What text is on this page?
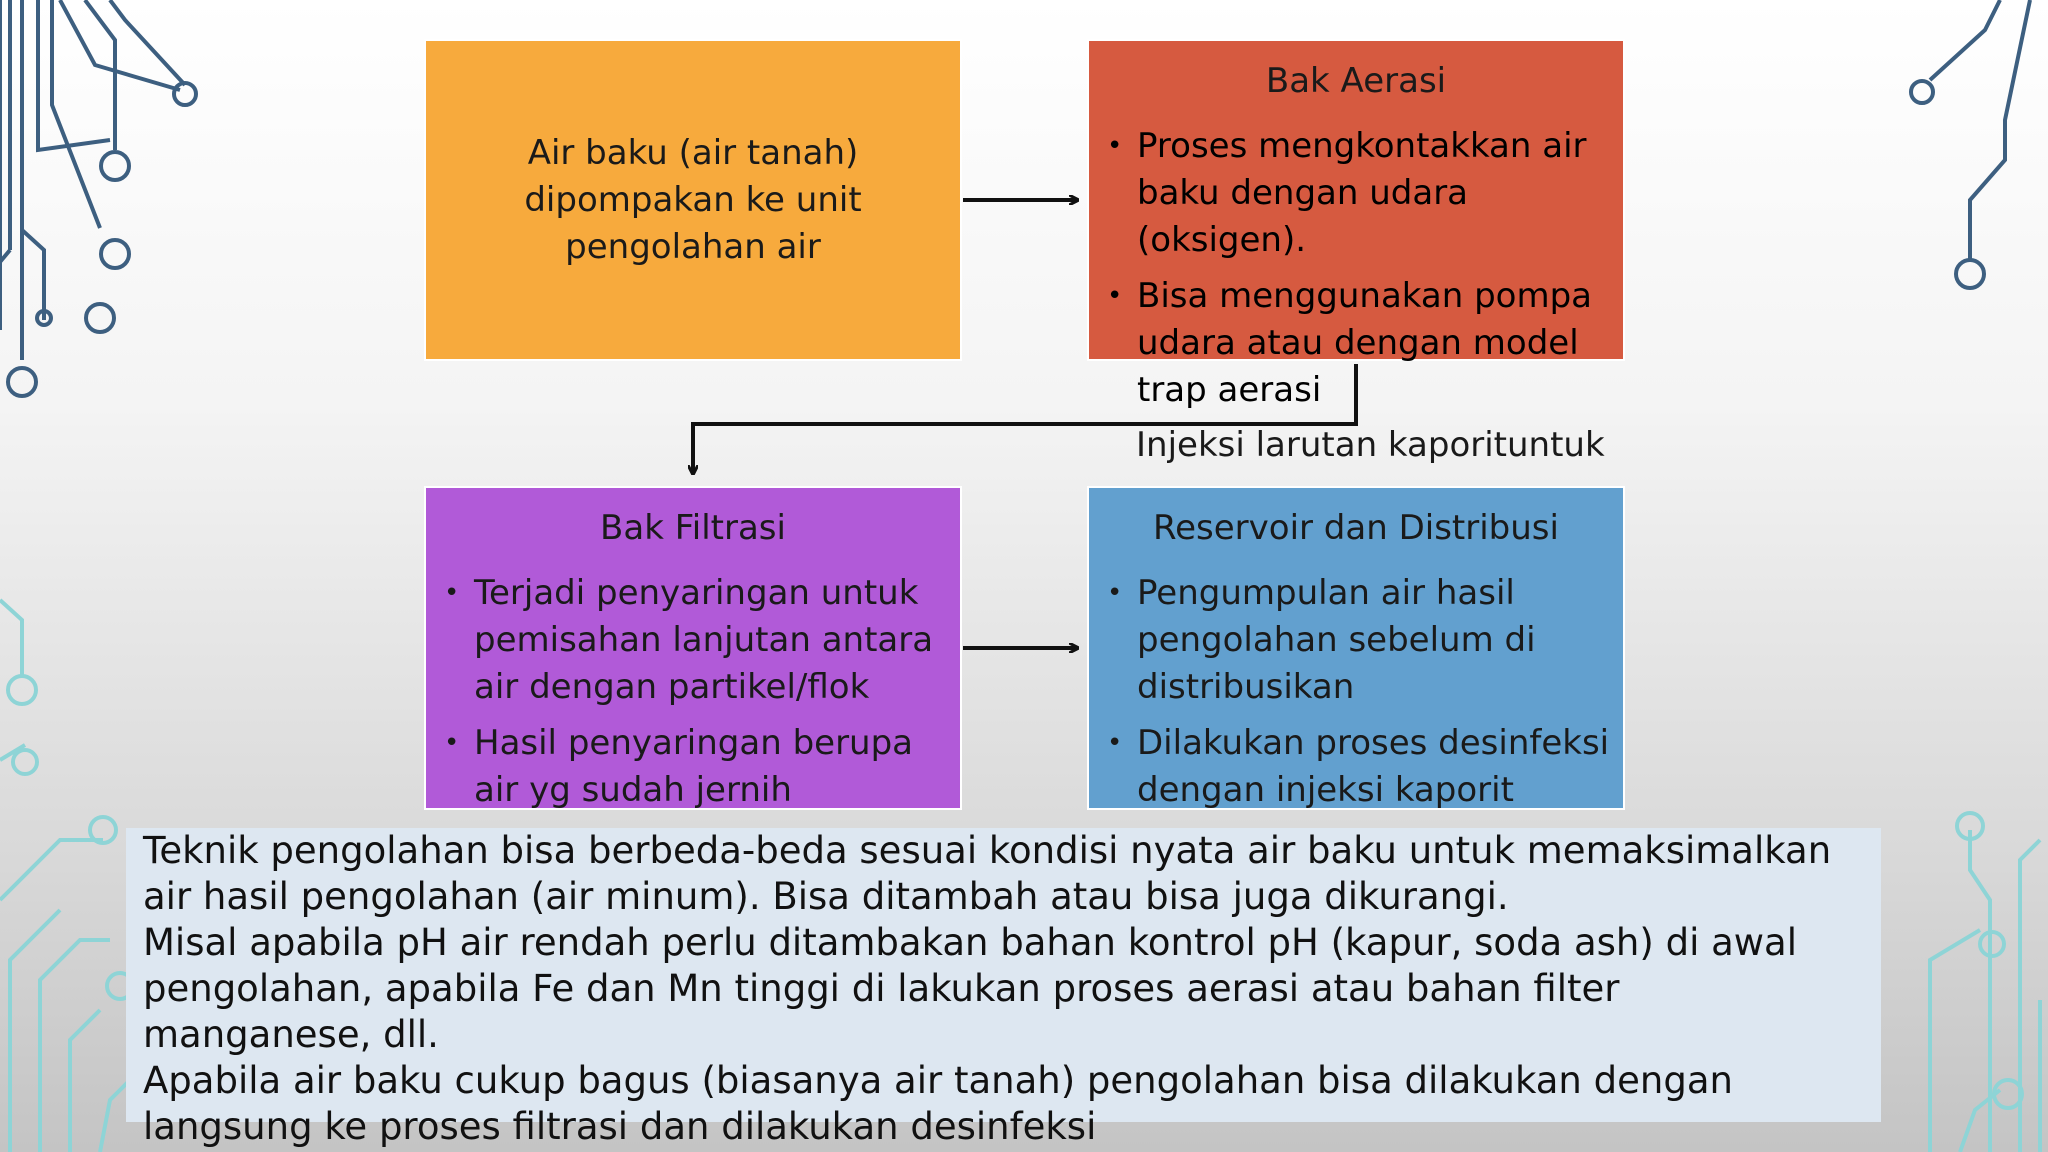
Air baku (air tanah)
dipompakan ke unit
pengolahan air
Bak Aerasi
• Proses mengkontakkan air baku dengan udara (oksigen).
• Bisa menggunakan pompa udara atau dengan model trap aerasi
Injeksi larutan kaporituntuk
Bak Filtrasi
• Terjadi penyaringan untuk pemisahan lanjutan antara air dengan partikel/flok
• Hasil penyaringan berupa air yg sudah jernih
Reservoir dan Distribusi
• Pengumpulan air hasil pengolahan sebelum di distribusikan
• Dilakukan proses desinfeksi dengan injeksi kaporit

Teknik pengolahan bisa berbeda-beda sesuai kondisi nyata air baku untuk memaksimalkan

air hasil pengolahan (air minum). Bisa ditambah atau bisa juga dikurangi.

Misal apabila pH air rendah perlu ditambakan bahan kontrol pH (kapur, soda ash) di awal

pengolahan, apabila Fe dan Mn tinggi di lakukan proses aerasi atau bahan filter

manganese, dll.

Apabila air baku cukup bagus (biasanya air tanah) pengolahan bisa dilakukan dengan

langsung ke proses filtrasi dan dilakukan desinfeksi
